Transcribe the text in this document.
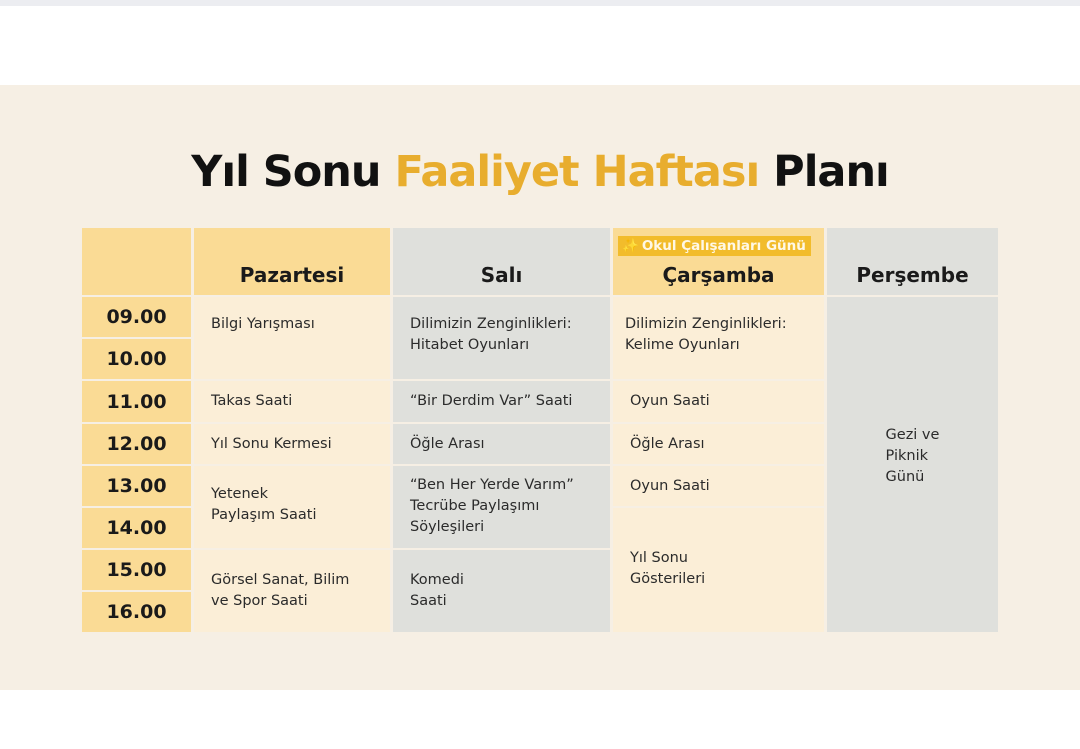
Yıl Sonu Faaliyet Haftası Planı
Pazartesi	Salı
✨ Okul Çalışanları Günü
Çarşamba	Perşembe
09.00
10.00
11.00
12.00
13.00
14.00
15.00
16.00
Bilgi Yarışması
Takas Saati
Yıl Sonu Kermesi
Yetenek
Paylaşım Saati
Görsel Sanat, Bilim
ve Spor Saati
Dilimizin Zenginlikleri:
Hitabet Oyunları
“Bir Derdim Var” Saati
Öğle Arası
“Ben Her Yerde Varım”
Tecrübe Paylaşımı
Söyleşileri
Komedi
Saati
Dilimizin Zenginlikleri:
Kelime Oyunları
Oyun Saati
Öğle Arası
Oyun Saati
Yıl Sonu
Gösterileri
Gezi ve
Piknik
Günü
